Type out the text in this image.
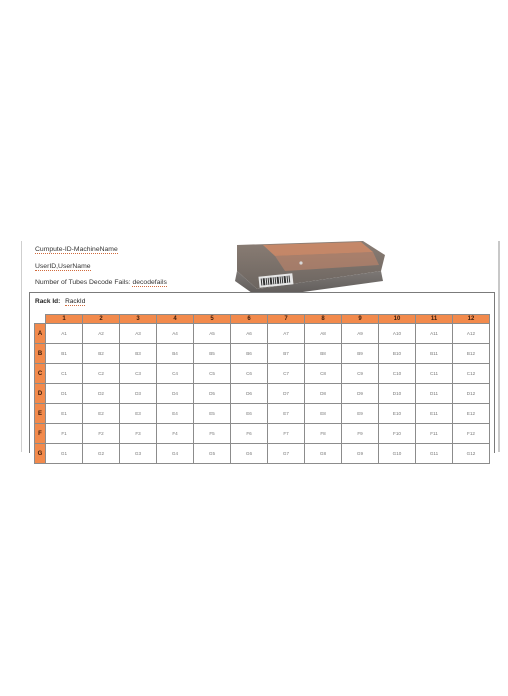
Cumpute-ID-MachineName
UserID,UserName
Number of Tubes Decode Fails: decodefails
Rack Id: RackId
	1	2	3	4	5	6	7	8	9	10	11	12
A	A1	A2	A3	A4	A5	A6	A7	A8	A9	A10	A11	A12
B	B1	B2	B3	B4	B5	B6	B7	B8	B9	B10	B11	B12
C	C1	C2	C3	C4	C5	C6	C7	C8	C9	C10	C11	C12
D	D1	D2	D3	D4	D5	D6	D7	D8	D9	D10	D11	D12
E	E1	E2	E3	E4	E5	E6	E7	E8	E9	E10	E11	E12
F	F1	F2	F3	F4	F5	F6	F7	F8	F9	F10	F11	F12
G	G1	G2	G3	G4	G5	G6	G7	G8	G9	G10	G11	G12
